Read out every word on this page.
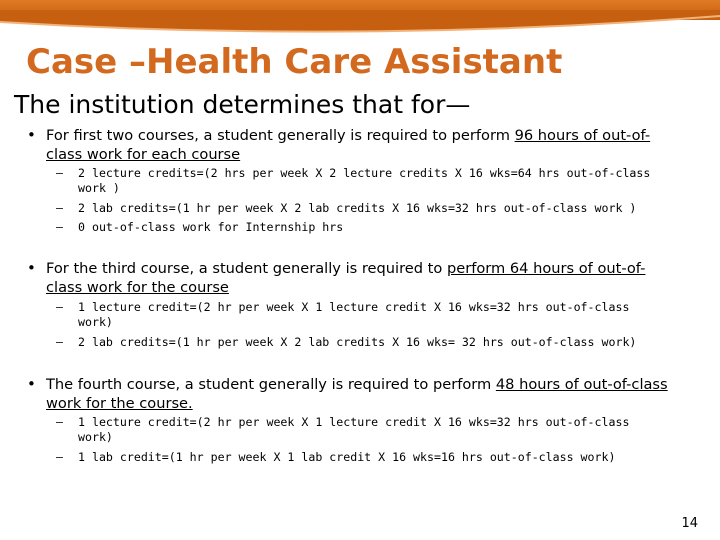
Case –Health Care Assistant
The institution determines that for—
• For first two courses, a student generally is required to perform 96 hours of out-of-class work for each course
– 2 lecture credits=(2 hrs per week X 2 lecture credits X 16 wks=64 hrs out-of-class work )
– 2 lab credits=(1 hr per week X 2 lab credits X 16 wks=32 hrs out-of-class work )
– 0 out-of-class work for Internship hrs
• For the third course, a student generally is required to perform 64 hours of out-of-class work for the course
– 1 lecture credit=(2 hr per week X 1 lecture credit X 16 wks=32 hrs out-of-class work)
– 2 lab credits=(1 hr per week X 2 lab credits X 16 wks= 32 hrs out-of-class work)
• The fourth course, a student generally is required to perform 48 hours of out-of-class work for the course.
– 1 lecture credit=(2 hr per week X 1 lecture credit X 16 wks=32 hrs out-of-class work)
– 1 lab credit=(1 hr per week X 1 lab credit X 16 wks=16 hrs out-of-class work)
14
